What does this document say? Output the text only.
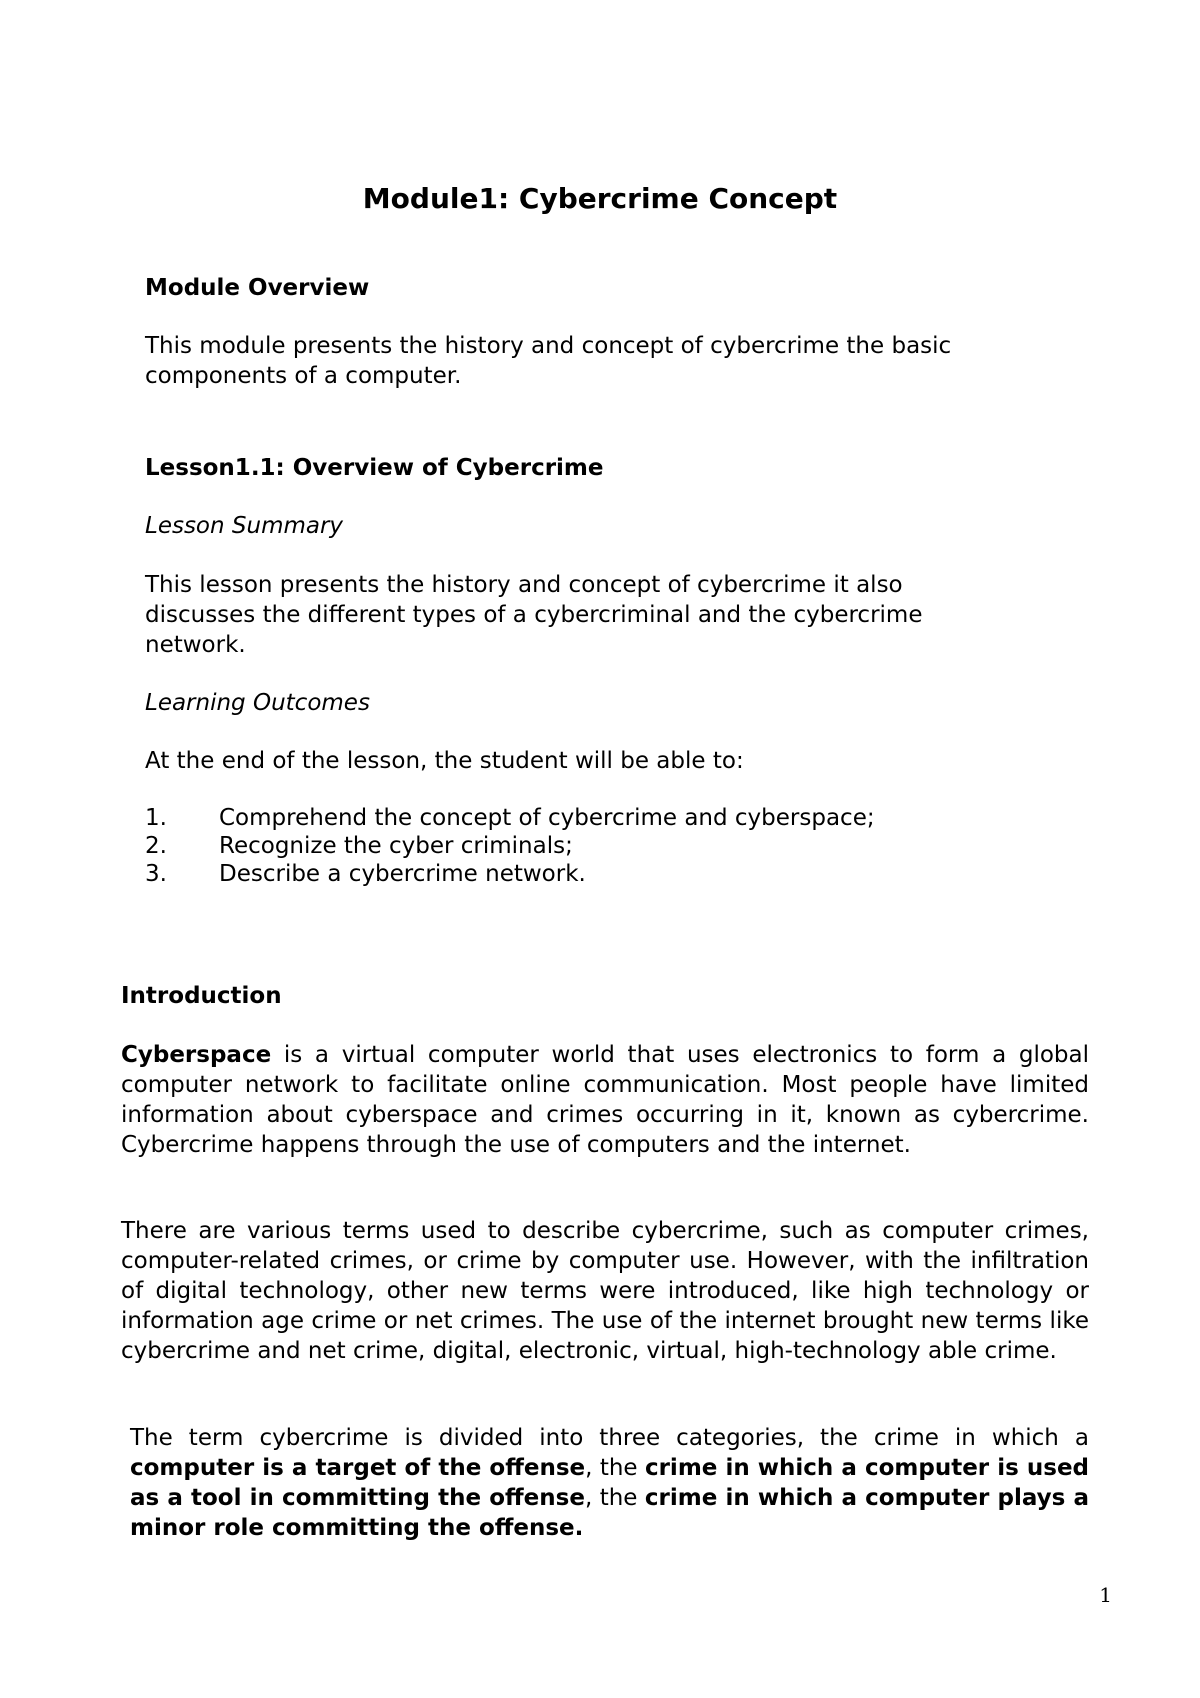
Module1: Cybercrime Concept
Module Overview
This module presents the history and concept of cybercrime the basic
components of a computer.
Lesson1.1: Overview of Cybercrime
Lesson Summary
This lesson presents the history and concept of cybercrime it also
discusses the different types of a cybercriminal and the cybercrime
network.
Learning Outcomes
At the end of the lesson, the student will be able to:
1. Comprehend the concept of cybercrime and cyberspace;
2. Recognize the cyber criminals;
3. Describe a cybercrime network.
Introduction

Cyberspace is a virtual computer world that uses electronics to form a global computer network to facilitate online communication. Most people have limited information about cyberspace and crimes occurring in it, known as cybercrime. Cybercrime happens through the use of computers and the internet.

There are various terms used to describe cybercrime, such as computer crimes, computer-related crimes, or crime by computer use. However, with the infiltration of digital technology, other new terms were introduced, like high technology or information age crime or net crimes. The use of the internet brought new terms like cybercrime and net crime, digital, electronic, virtual, high-technology able crime.

The term cybercrime is divided into three categories, the crime in which a computer is a target of the offense, the crime in which a computer is used as a tool in committing the offense, the crime in which a computer plays a minor role committing the offense.

1
